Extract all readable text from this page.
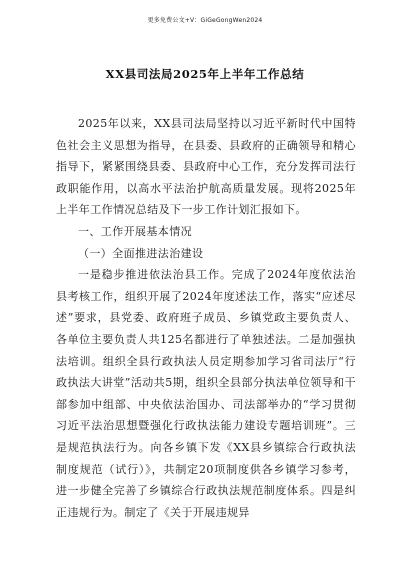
更多免费公文+V：GiGeGongWen2024
XX县司法局2025年上半年工作总结

2025年以来，XX县司法局坚持以习近平新时代中国特色社会主义思想为指导，在县委、县政府的正确领导和精心指导下，紧紧围绕县委、县政府中心工作，充分发挥司法行政职能作用，以高水平法治护航高质量发展。现将2025年上半年工作情况总结及下一步工作计划汇报如下。

一、工作开展基本情况

（一）全面推进法治建设

一是稳步推进依法治县工作。完成了2024年度依法治县考核工作，组织开展了2024年度述法工作，落实“应述尽述”要求，县党委、政府班子成员、乡镇党政主要负责人、各单位主要负责人共125名都进行了单独述法。二是加强执法培训。组织全县行政执法人员定期参加学习省司法厅“行政执法大讲堂”活动共5期，组织全县部分执法单位领导和干部参加中组部、中央依法治国办、司法部举办的“学习贯彻习近平法治思想暨强化行政执法能力建设专题培训班”。三是规范执法行为。向各乡镇下发《XX县乡镇综合行政执法制度规范（试行）》，共制定20项制度供各乡镇学习参考，进一步健全完善了乡镇综合行政执法规范制度体系。四是纠正违规行为。制定了《关于开展违规异
